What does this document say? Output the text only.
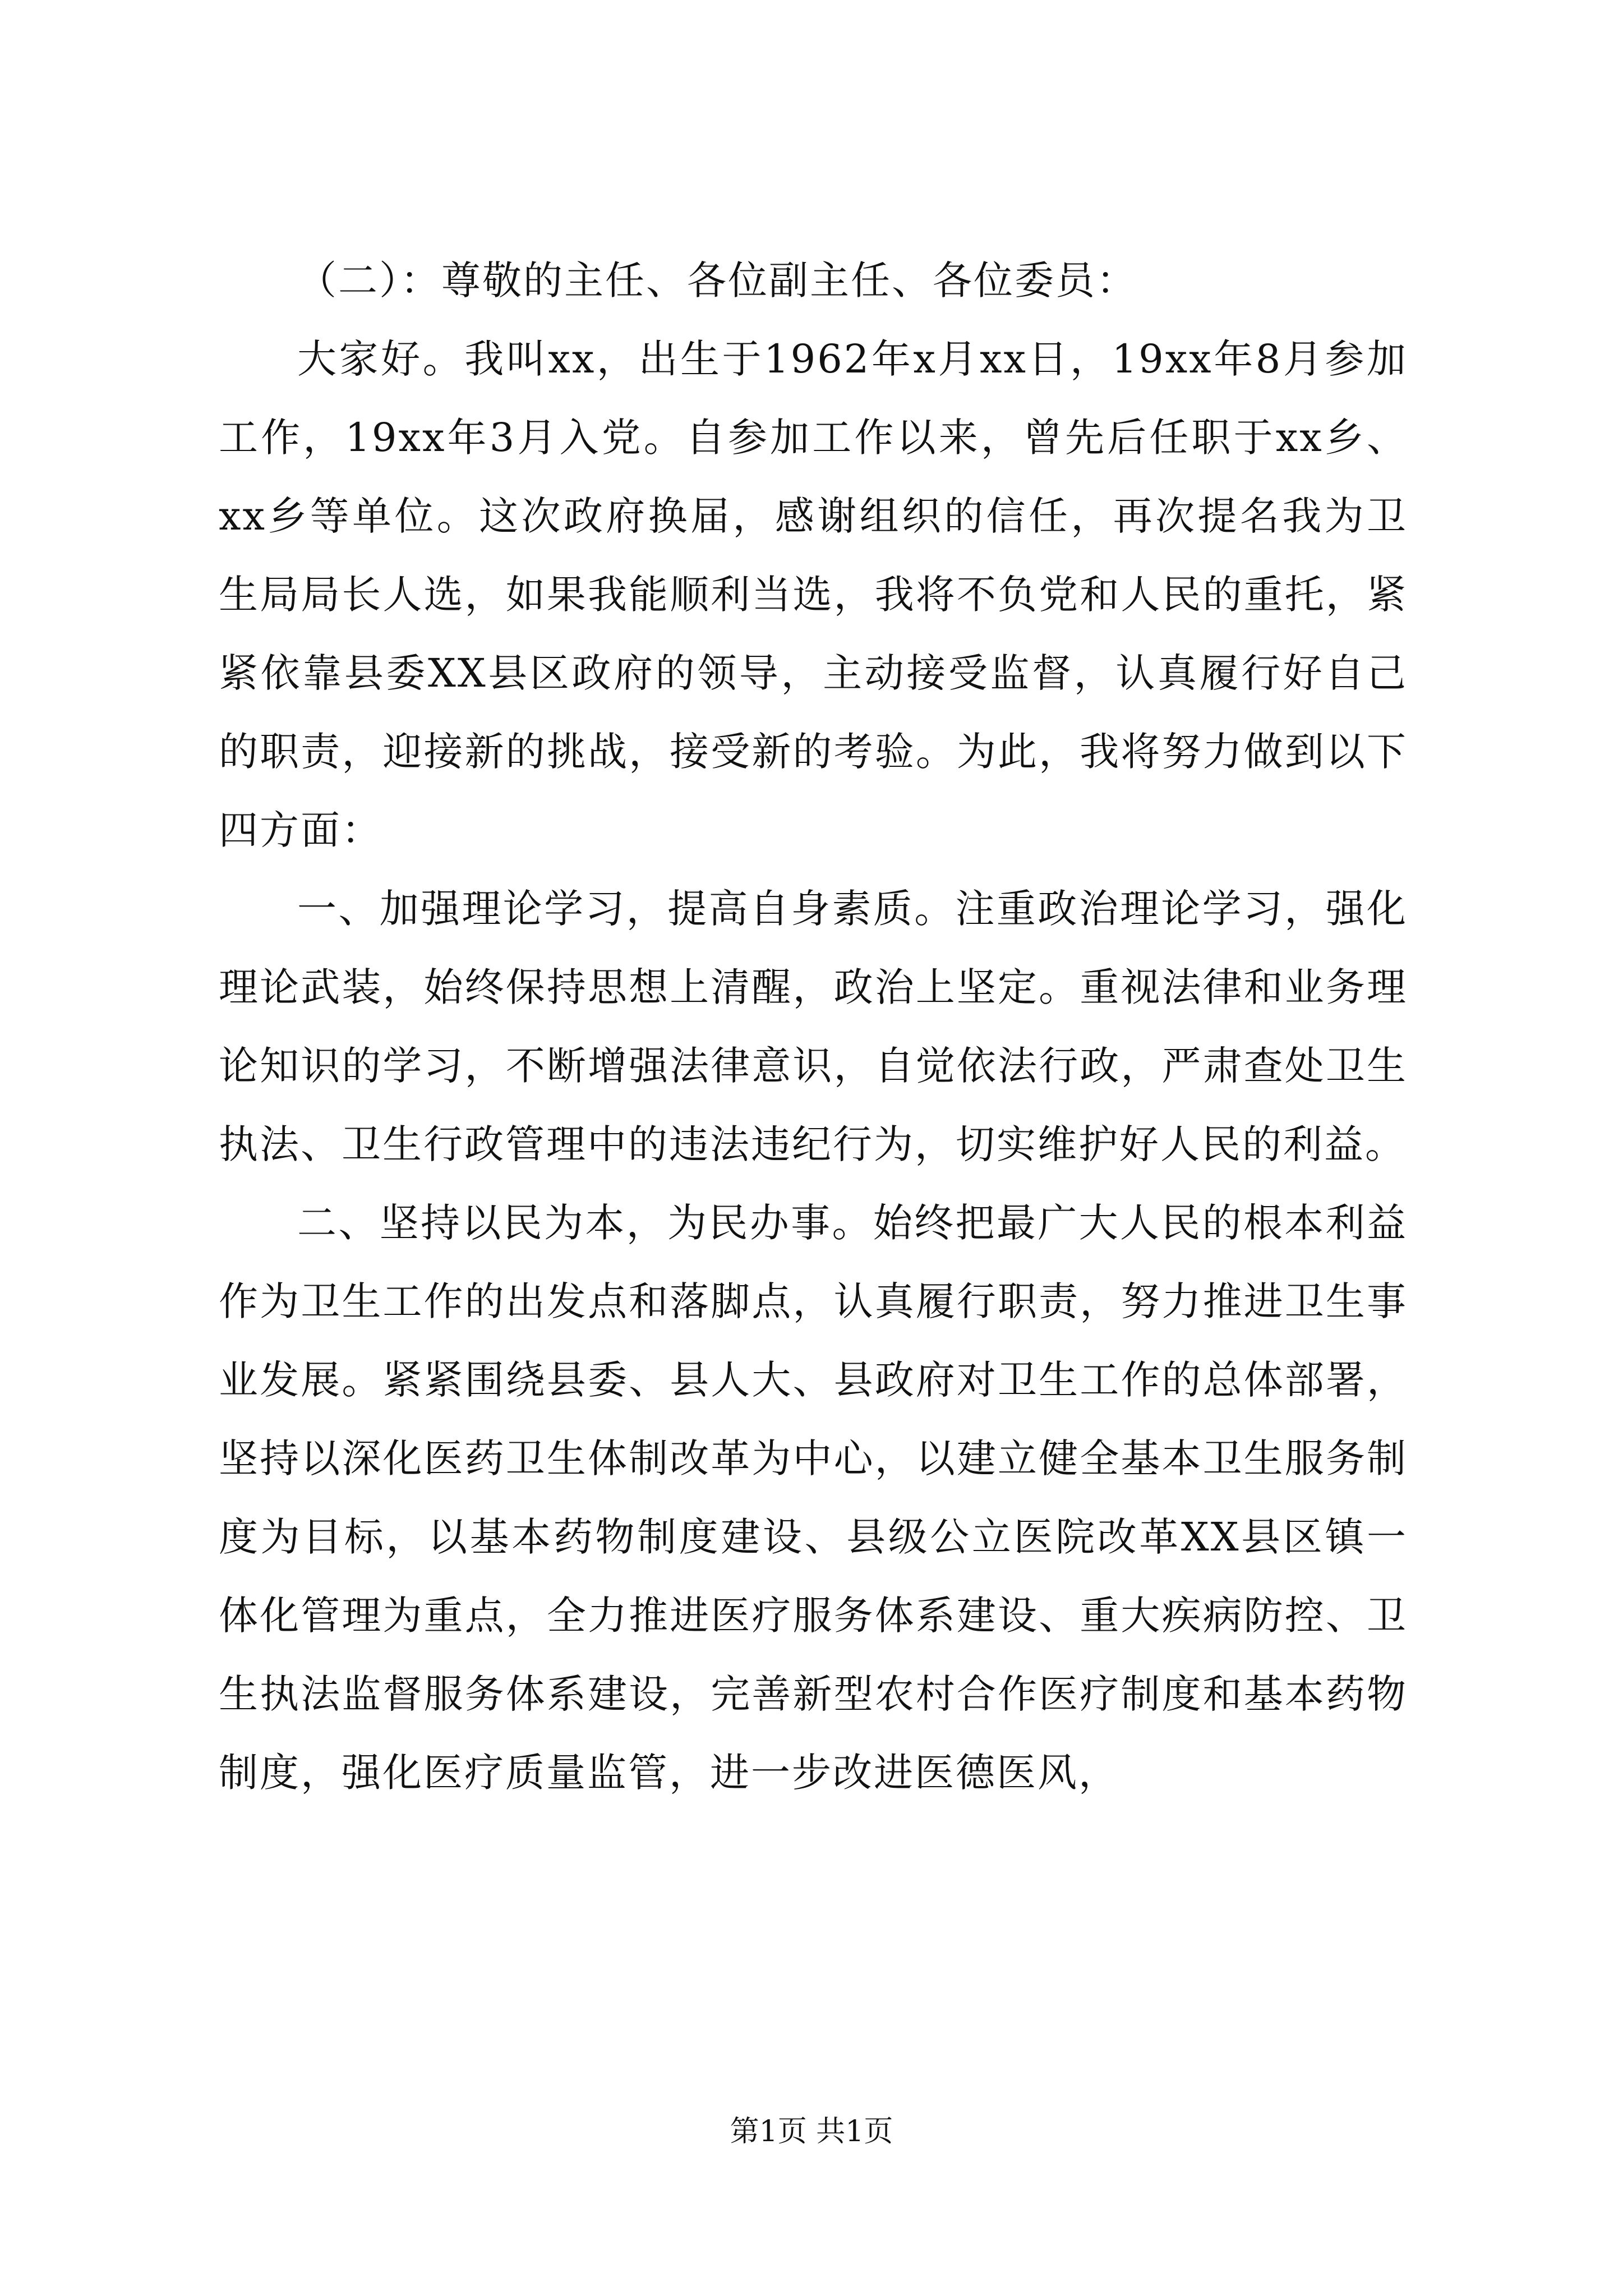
（二）：尊敬的主任、各位副主任、各位委员：

大家好。我叫xx，出生于1962年x月xx日，19xx年8月参加工作，19xx年3月入党。自参加工作以来，曾先后任职于xx乡、xx乡等单位。这次政府换届，感谢组织的信任，再次提名我为卫生局局长人选，如果我能顺利当选，我将不负党和人民的重托，紧紧依靠县委XX县区政府的领导，主动接受监督，认真履行好自己的职责，迎接新的挑战，接受新的考验。为此，我将努力做到以下四方面：

一、加强理论学习，提高自身素质。注重政治理论学习，强化理论武装，始终保持思想上清醒，政治上坚定。重视法律和业务理论知识的学习，不断增强法律意识，自觉依法行政，严肃查处卫生执法、卫生行政管理中的违法违纪行为，切实维护好人民的利益。

二、坚持以民为本，为民办事。始终把最广大人民的根本利益作为卫生工作的出发点和落脚点，认真履行职责，努力推进卫生事业发展。紧紧围绕县委、县人大、县政府对卫生工作的总体部署，坚持以深化医药卫生体制改革为中心，以建立健全基本卫生服务制度为目标，以基本药物制度建设、县级公立医院改革XX县区镇一体化管理为重点，全力推进医疗服务体系建设、重大疾病防控、卫生执法监督服务体系建设，完善新型农村合作医疗制度和基本药物制度，强化医疗质量监管，进一步改进医德医风，

第1页 共1页
